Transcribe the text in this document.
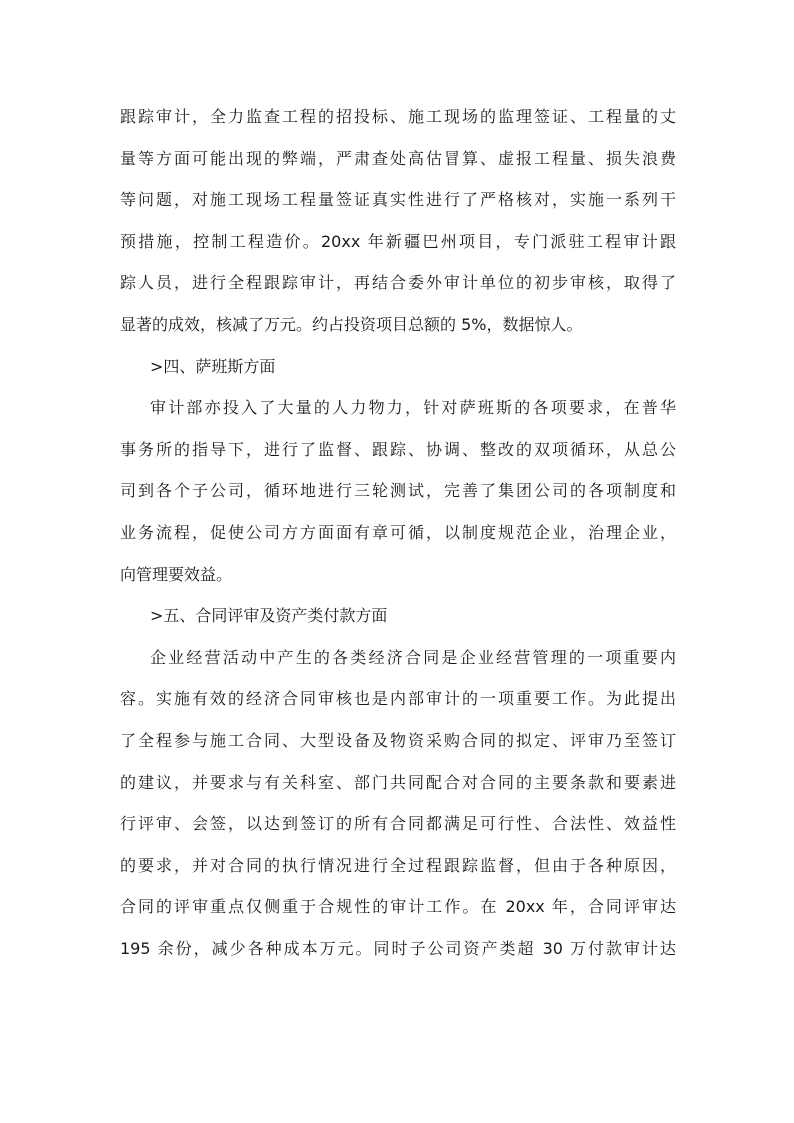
跟踪审计，全力监查工程的招投标、施工现场的监理签证、工程量的丈
量等方面可能出现的弊端，严肃查处高估冒算、虚报工程量、损失浪费
等问题，对施工现场工程量签证真实性进行了严格核对，实施一系列干
预措施，控制工程造价。20xx 年新疆巴州项目，专门派驻工程审计跟
踪人员，进行全程跟踪审计，再结合委外审计单位的初步审核，取得了
显著的成效，核减了万元。约占投资项目总额的 5%，数据惊人。
>四、萨班斯方面
审计部亦投入了大量的人力物力，针对萨班斯的各项要求，在普华
事务所的指导下，进行了监督、跟踪、协调、整改的双项循环，从总公
司到各个子公司，循环地进行三轮测试，完善了集团公司的各项制度和
业务流程，促使公司方方面面有章可循，以制度规范企业，治理企业，
向管理要效益。
>五、合同评审及资产类付款方面
企业经营活动中产生的各类经济合同是企业经营管理的一项重要内
容。实施有效的经济合同审核也是内部审计的一项重要工作。为此提出
了全程参与施工合同、大型设备及物资采购合同的拟定、评审乃至签订
的建议，并要求与有关科室、部门共同配合对合同的主要条款和要素进
行评审、会签，以达到签订的所有合同都满足可行性、合法性、效益性
的要求，并对合同的执行情况进行全过程跟踪监督，但由于各种原因，
合同的评审重点仅侧重于合规性的审计工作。在 20xx 年，合同评审达
195 余份，减少各种成本万元。同时子公司资产类超 30 万付款审计达
